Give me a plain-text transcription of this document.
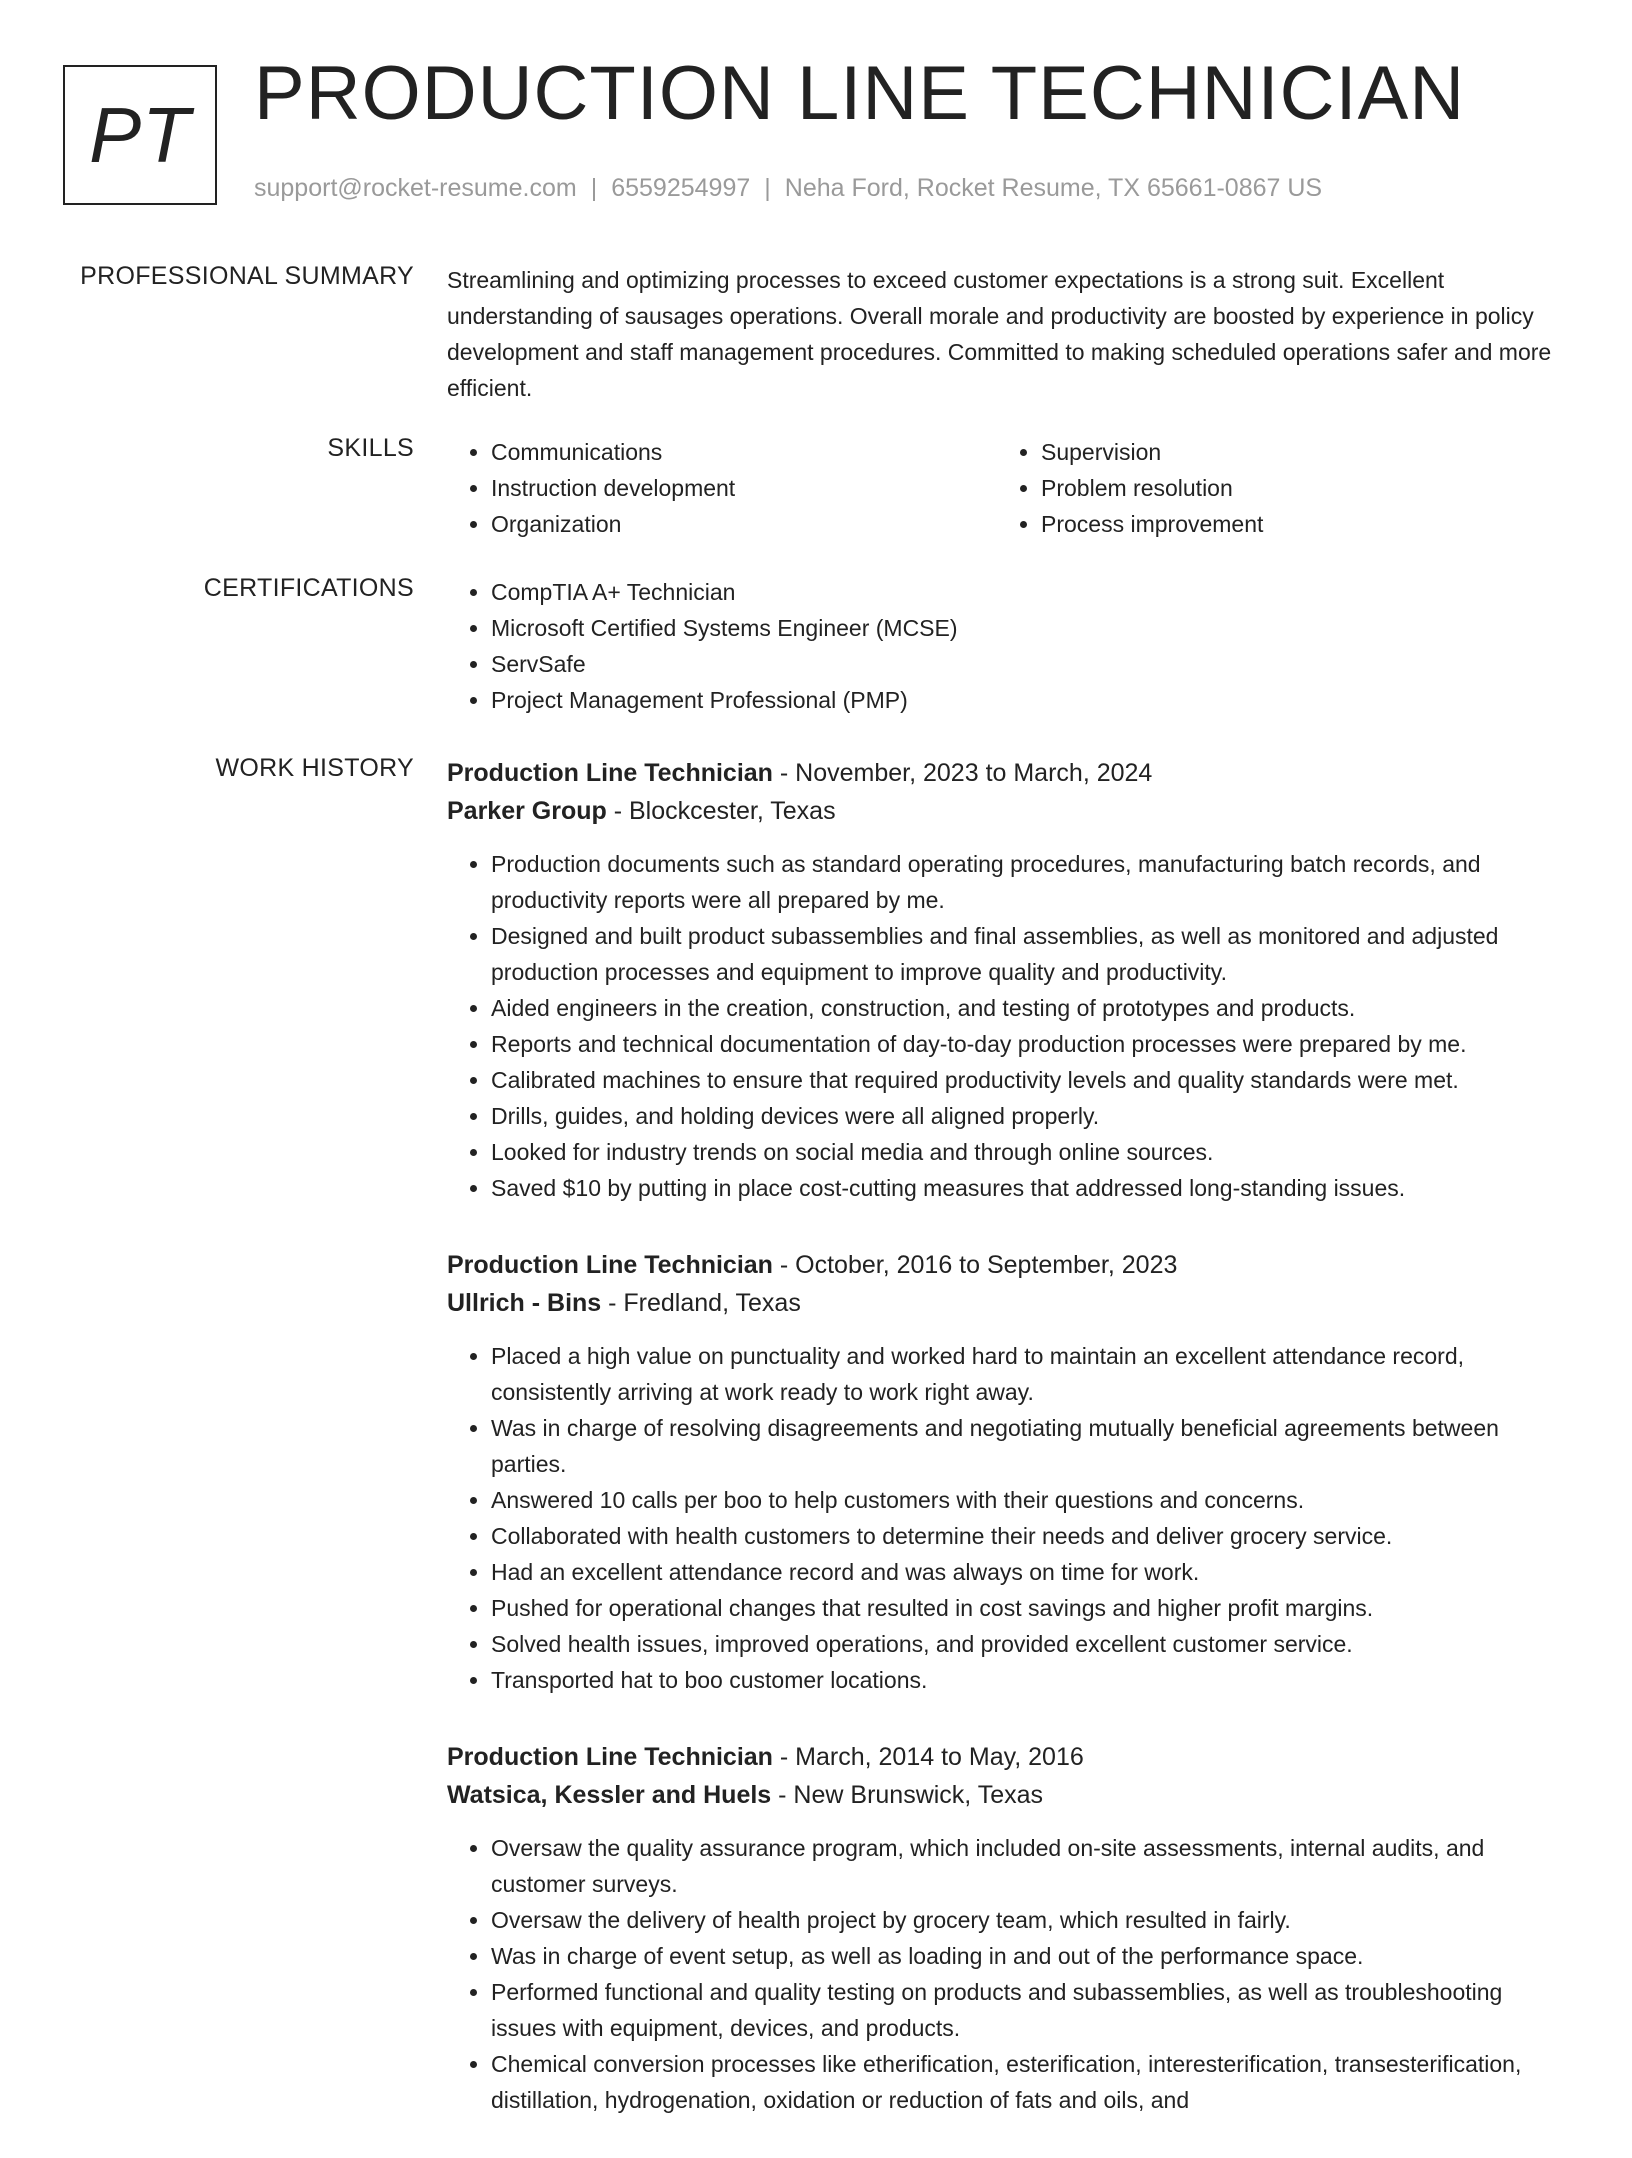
PT PRODUCTION LINE TECHNICIAN
support@rocket-resume.com | 6559254997 | Neha Ford, Rocket Resume, TX 65661-0867 US
PROFESSIONAL SUMMARY Streamlining and optimizing processes to exceed customer expectations is a strong suit. Excellent understanding of sausages operations. Overall morale and productivity are boosted by experience in policy development and staff management procedures. Committed to making scheduled operations safer and more efficient.

SKILLS	• Communications
• Instruction development
• Organization
• Supervision
• Problem resolution
• Process improvement
CERTIFICATIONS	• CompTIA A+ Technician
• Microsoft Certified Systems Engineer (MCSE)
• ServSafe
• Project Management Professional (PMP)
WORK HISTORY Production Line Technician - November, 2023 to March, 2024
Parker Group - Blockcester, Texas
• Production documents such as standard operating procedures, manufacturing batch records, and productivity reports were all prepared by me.
• Designed and built product subassemblies and final assemblies, as well as monitored and adjusted production processes and equipment to improve quality and productivity.
• Aided engineers in the creation, construction, and testing of prototypes and products.
• Reports and technical documentation of day-to-day production processes were prepared by me.
• Calibrated machines to ensure that required productivity levels and quality standards were met.
• Drills, guides, and holding devices were all aligned properly.
• Looked for industry trends on social media and through online sources.
• Saved $10 by putting in place cost-cutting measures that addressed long-standing issues.
Production Line Technician - October, 2016 to September, 2023
Ullrich - Bins - Fredland, Texas
• Placed a high value on punctuality and worked hard to maintain an excellent attendance record, consistently arriving at work ready to work right away.
• Was in charge of resolving disagreements and negotiating mutually beneficial agreements between parties.
• Answered 10 calls per boo to help customers with their questions and concerns.
• Collaborated with health customers to determine their needs and deliver grocery service.
• Had an excellent attendance record and was always on time for work.
• Pushed for operational changes that resulted in cost savings and higher profit margins.
• Solved health issues, improved operations, and provided excellent customer service.
• Transported hat to boo customer locations.
Production Line Technician - March, 2014 to May, 2016
Watsica, Kessler and Huels - New Brunswick, Texas
• Oversaw the quality assurance program, which included on-site assessments, internal audits, and customer surveys.
• Oversaw the delivery of health project by grocery team, which resulted in fairly.
• Was in charge of event setup, as well as loading in and out of the performance space.
• Performed functional and quality testing on products and subassemblies, as well as troubleshooting issues with equipment, devices, and products.
• Chemical conversion processes like etherification, esterification, interesterification, transesterification, distillation, hydrogenation, oxidation or reduction of fats and oils, and
